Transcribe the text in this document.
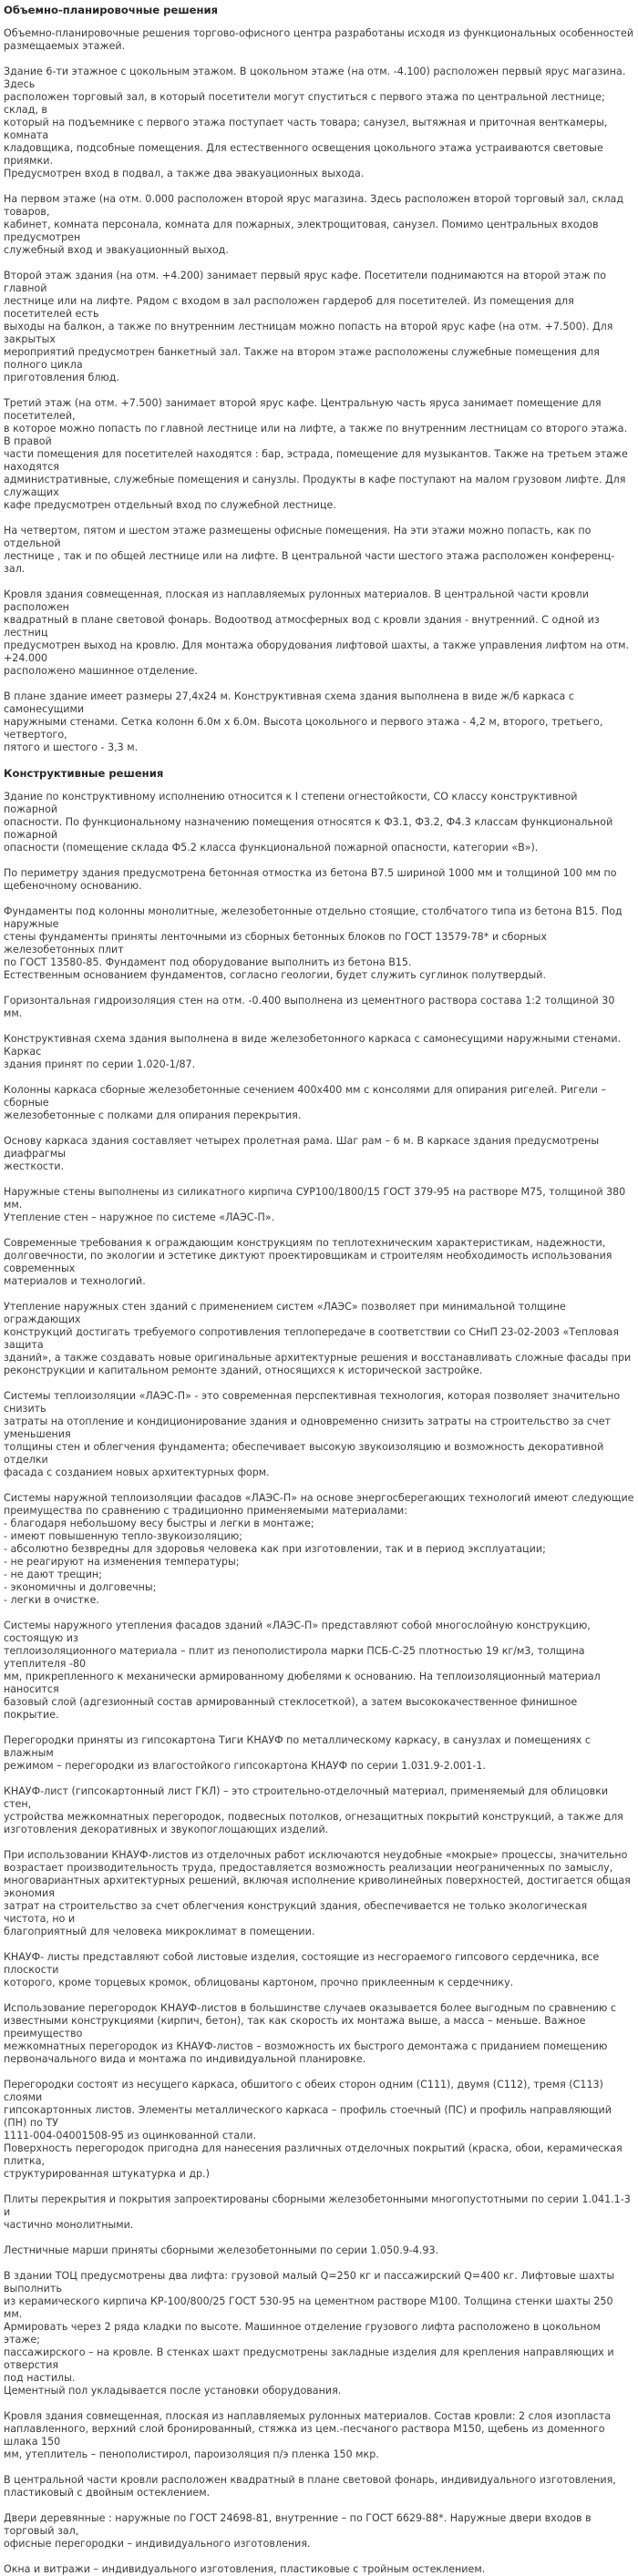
Объемно-планировочные решения
Объемно-планировочные решения торгово-офисного центра разработаны исходя из функциональных особенностей
размещаемых этажей.
Здание 6-ти этажное с цокольным этажом. В цокольном этаже (на отм. -4.100) расположен первый ярус магазина. Здесь
расположен торговый зал, в который посетители могут спуститься с первого этажа по центральной лестнице; склад, в
который на подъемнике с первого этажа поступает часть товара; санузел, вытяжная и приточная венткамеры, комната
кладовщика, подсобные помещения. Для естественного освещения цокольного этажа устраиваются световые приямки.
Предусмотрен вход в подвал, а также два эвакуационных выхода.
На первом этаже (на отм. 0.000 расположен второй ярус магазина. Здесь расположен второй торговый зал, склад товаров,
кабинет, комната персонала, комната для пожарных, электрощитовая, санузел. Помимо центральных входов предусмотрен
служебный вход и эвакуационный выход.
Второй этаж здания (на отм. +4.200) занимает первый ярус кафе. Посетители поднимаются на второй этаж по главной
лестнице или на лифте. Рядом с входом в зал расположен гардероб для посетителей. Из помещения для посетителей есть
выходы на балкон, а также по внутренним лестницам можно попасть на второй ярус кафе (на отм. +7.500). Для закрытых
мероприятий предусмотрен банкетный зал. Также на втором этаже расположены служебные помещения для полного цикла
приготовления блюд.
Третий этаж (на отм. +7.500) занимает второй ярус кафе. Центральную часть яруса занимает помещение для посетителей,
в которое можно попасть по главной лестнице или на лифте, а также по внутренним лестницам со второго этажа. В правой
части помещения для посетителей находятся : бар, эстрада, помещение для музыкантов. Также на третьем этаже находятся
административные, служебные помещения и санузлы. Продукты в кафе поступают на малом грузовом лифте. Для служащих
кафе предусмотрен отдельный вход по служебной лестнице.
На четвертом, пятом и шестом этаже размещены офисные помещения. На эти этажи можно попасть, как по отдельной
лестнице , так и по общей лестнице или на лифте. В центральной части шестого этажа расположен конференц-зал.
Кровля здания совмещенная, плоская из наплавляемых рулонных материалов. В центральной части кровли расположен
квадратный в плане световой фонарь. Водоотвод атмосферных вод с кровли здания - внутренний. С одной из лестниц
предусмотрен выход на кровлю. Для монтажа оборудования лифтовой шахты, а также управления лифтом на отм. +24.000
расположено машинное отделение.
В плане здание имеет размеры 27,4х24 м. Конструктивная схема здания выполнена в виде ж/б каркаса с самонесущими
наружными стенами. Сетка колонн 6.0м х 6.0м. Высота цокольного и первого этажа - 4,2 м, второго, третьего, четвертого,
пятого и шестого - 3,3 м.
Конструктивные решения
Здание по конструктивному исполнению относится к I степени огнестойкости, СО классу конструктивной пожарной
опасности. По функциональному назначению помещения относятся к Ф3.1, Ф3.2, Ф4.3 классам функциональной пожарной
опасности (помещение склада Ф5.2 класса функциональной пожарной опасности, категории «В»).
По периметру здания предусмотрена бетонная отмостка из бетона В7.5 шириной 1000 мм и толщиной 100 мм по
щебеночному основанию.
Фундаменты под колонны монолитные, железобетонные отдельно стоящие, столбчатого типа из бетона В15. Под наружные
стены фундаменты приняты ленточными из сборных бетонных блоков по ГОСТ 13579-78* и сборных железобетонных плит
по ГОСТ 13580-85. Фундамент под оборудование выполнить из бетона В15.
Естественным основанием фундаментов, согласно геологии, будет служить суглинок полутвердый.
Горизонтальная гидроизоляция стен на отм. -0.400 выполнена из цементного раствора состава 1:2 толщиной 30 мм.
Конструктивная схема здания выполнена в виде железобетонного каркаса с самонесущими наружными стенами. Каркас
здания принят по серии 1.020-1/87.
Колонны каркаса сборные железобетонные сечением 400х400 мм с консолями для опирания ригелей. Ригели – сборные
железобетонные с полками для опирания перекрытия.
Основу каркаса здания составляет четырех пролетная рама. Шаг рам – 6 м. В каркасе здания предусмотрены диафрагмы
жесткости.
Наружные стены выполнены из силикатного кирпича СУР100/1800/15 ГОСТ 379-95 на растворе М75, толщиной 380 мм.
Утепление стен – наружное по системе «ЛАЭС-П».
Современные требования к ограждающим конструкциям по теплотехническим характеристикам, надежности,
долговечности, по экологии и эстетике диктуют проектировщикам и строителям необходимость использования современных
материалов и технологий.
Утепление наружных стен зданий с применением систем «ЛАЭС» позволяет при минимальной толщине ограждающих
конструкций достигать требуемого сопротивления теплопередаче в соответствии со СНиП 23-02-2003 «Тепловая защита
зданий», а также создавать новые оригинальные архитектурные решения и восстанавливать сложные фасады при
реконструкции и капитальном ремонте зданий, относящихся к исторической застройке.
Системы теплоизоляции «ЛАЭС-П» - это современная перспективная технология, которая позволяет значительно снизить
затраты на отопление и кондиционирование здания и одновременно снизить затраты на строительство за счет уменьшения
толщины стен и облегчения фундамента; обеспечивает высокую звукоизоляцию и возможность декоративной отделки
фасада с созданием новых архитектурных форм.
Системы наружной теплоизоляции фасадов «ЛАЭС-П» на основе энергосберегающих технологий имеют следующие
преимущества по сравнению с традиционно применяемыми материалами:
- благодаря небольшому весу быстры и легки в монтаже;
- имеют повышенную тепло-звукоизоляцию;
- абсолютно безвредны для здоровья человека как при изготовлении, так и в период эксплуатации;
- не реагируют на изменения температуры;
- не дают трещин;
- экономичны и долговечны;
- легки в очистке.
Системы наружного утепления фасадов зданий «ЛАЭС-П» представляют собой многослойную конструкцию, состоящую из
теплоизоляционного материала – плит из пенополистирола марки ПСБ-С-25 плотностью 19 кг/м3, толщина утеплителя -80
мм, прикрепленного к механически армированному дюбелями к основанию. На теплоизоляционный материал наносится
базовый слой (адгезионный состав армированный стеклосеткой), а затем высококачественное финишное покрытие.
Перегородки приняты из гипсокартона Тиги КНАУФ по металлическому каркасу, в санузлах и помещениях с влажным
режимом – перегородки из влагостойкого гипсокартона КНАУФ по серии 1.031.9-2.001-1.
КНАУФ-лист (гипсокартонный лист ГКЛ) – это строительно-отделочный материал, применяемый для облицовки стен,
устройства межкомнатных перегородок, подвесных потолков, огнезащитных покрытий конструкций, а также для
изготовления декоративных и звукопоглощающих изделий.
При использовании КНАУФ-листов из отделочных работ исключаются неудобные «мокрые» процессы, значительно
возрастает производительность труда, предоставляется возможность реализации неограниченных по замыслу,
многовариантных архитектурных решений, включая исполнение криволинейных поверхностей, достигается общая экономия
затрат на строительство за счет облегчения конструкций здания, обеспечивается не только экологическая чистота, но и
благоприятный для человека микроклимат в помещении.
КНАУФ- листы представляют собой листовые изделия, состоящие из несгораемого гипсового сердечника, все плоскости
которого, кроме торцевых кромок, облицованы картоном, прочно приклеенным к сердечнику.
Использование перегородок КНАУФ-листов в большинстве случаев оказывается более выгодным по сравнению с
известными конструкциями (кирпич, бетон), так как скорость их монтажа выше, а масса – меньше. Важное преимущество
межкомнатных перегородок из КНАУФ-листов – возможность их быстрого демонтажа с приданием помещению
первоначального вида и монтажа по индивидуальной планировке.
Перегородки состоят из несущего каркаса, обшитого с обеих сторон одним (С111), двумя (С112), тремя (С113) слоями
гипсокартонных листов. Элементы металлического каркаса – профиль стоечный (ПС) и профиль направляющий (ПН) по ТУ
1111-004-04001508-95 из оцинкованной стали.
Поверхность перегородок пригодна для нанесения различных отделочных покрытий (краска, обои, керамическая плитка,
структурированная штукатурка и др.)
Плиты перекрытия и покрытия запроектированы сборными железобетонными многопустотными по серии 1.041.1-3 и
частично монолитными.
Лестничные марши приняты сборными железобетонными по серии 1.050.9-4.93.
В здании ТОЦ предусмотрены два лифта: грузовой малый Q=250 кг и пассажирский Q=400 кг. Лифтовые шахты выполнить
из керамического кирпича КР-100/800/25 ГОСТ 530-95 на цементном растворе М100. Толщина стенки шахты 250 мм.
Армировать через 2 ряда кладки по высоте. Машинное отделение грузового лифта расположено в цокольном этаже;
пассажирского – на кровле. В стенках шахт предусмотрены закладные изделия для крепления направляющих и отверстия
под настилы.
Цементный пол укладывается после установки оборудования.
Кровля здания совмещенная, плоская из наплавляемых рулонных материалов. Состав кровли: 2 слоя изопласта
наплавленного, верхний слой бронированный, стяжка из цем.-песчаного раствора М150, щебень из доменного шлака 150
мм, утеплитель – пенополистирол, пароизоляция п/э пленка 150 мкр.
В центральной части кровли расположен квадратный в плане световой фонарь, индивидуального изготовления,
пластиковый с двойным остеклением.
Двери деревянные : наружные по ГОСТ 24698-81, внутренние – по ГОСТ 6629-88*. Наружные двери входов в торговый зал,
офисные перегородки – индивидуального изготовления.
Окна и витражи – индивидуального изготовления, пластиковые с тройным остеклением.
